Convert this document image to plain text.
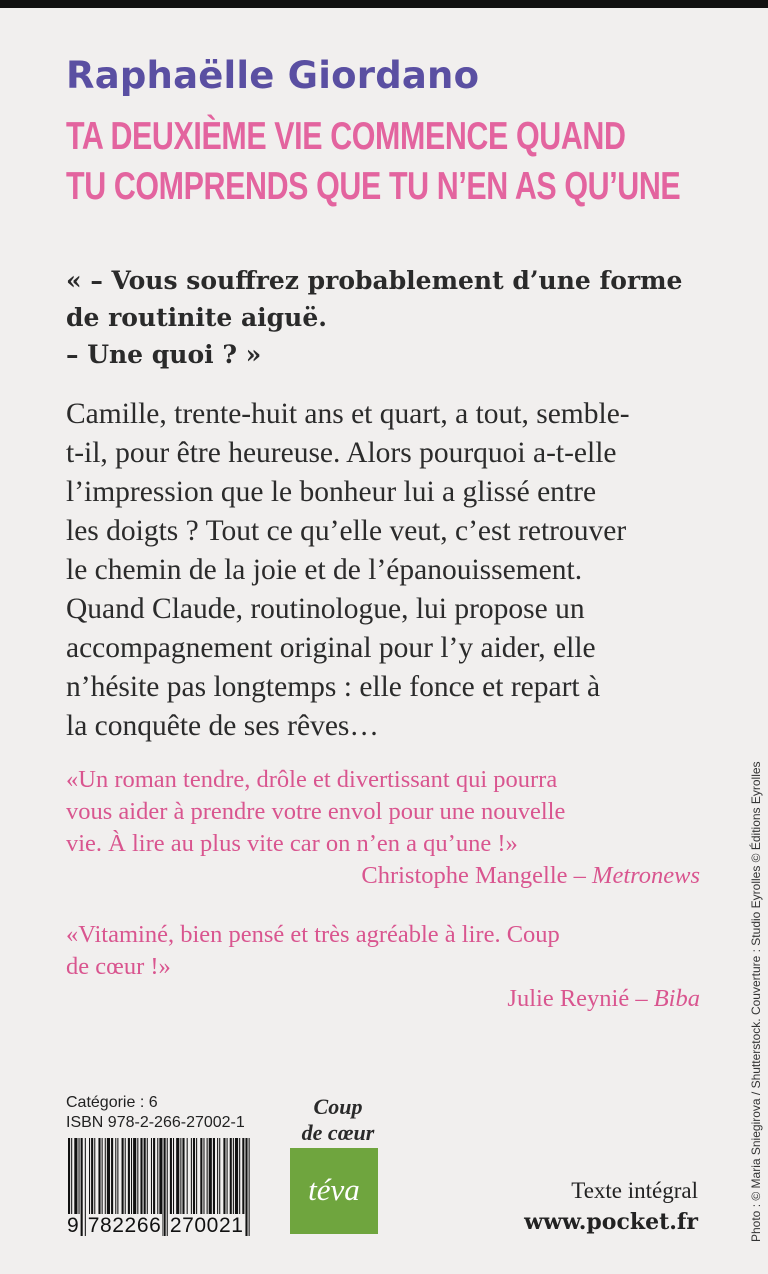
Raphaëlle Giordano
TA DEUXIÈME VIE COMMENCE QUAND
TU COMPRENDS QUE TU N’EN AS QU’UNE
« – Vous souffrez probablement d’une forme
de routinite aiguë.
– Une quoi ? »
Camille, trente-huit ans et quart, a tout, semble-
t-il, pour être heureuse. Alors pourquoi a-t-elle
l’impression que le bonheur lui a glissé entre
les doigts ? Tout ce qu’elle veut, c’est retrouver
le chemin de la joie et de l’épanouissement.
Quand Claude, routinologue, lui propose un
accompagnement original pour l’y aider, elle
n’hésite pas longtemps : elle fonce et repart à
la conquête de ses rêves…
«Un roman tendre, drôle et divertissant qui pourra
vous aider à prendre votre envol pour une nouvelle
vie. À lire au plus vite car on n’en a qu’une !»
Christophe Mangelle – Metronews
«Vitaminé, bien pensé et très agréable à lire. Coup
de cœur !»
Julie Reynié – Biba
Catégorie : 6
ISBN 978-2-266-27002-1
9 782266 270021
Coup
de cœur
téva	Texte intégral
www.pocket.fr	Photo : © Maria Sniegirova / Shutterstock. Couverture : Studio Eyrolles © Éditions Eyrolles
